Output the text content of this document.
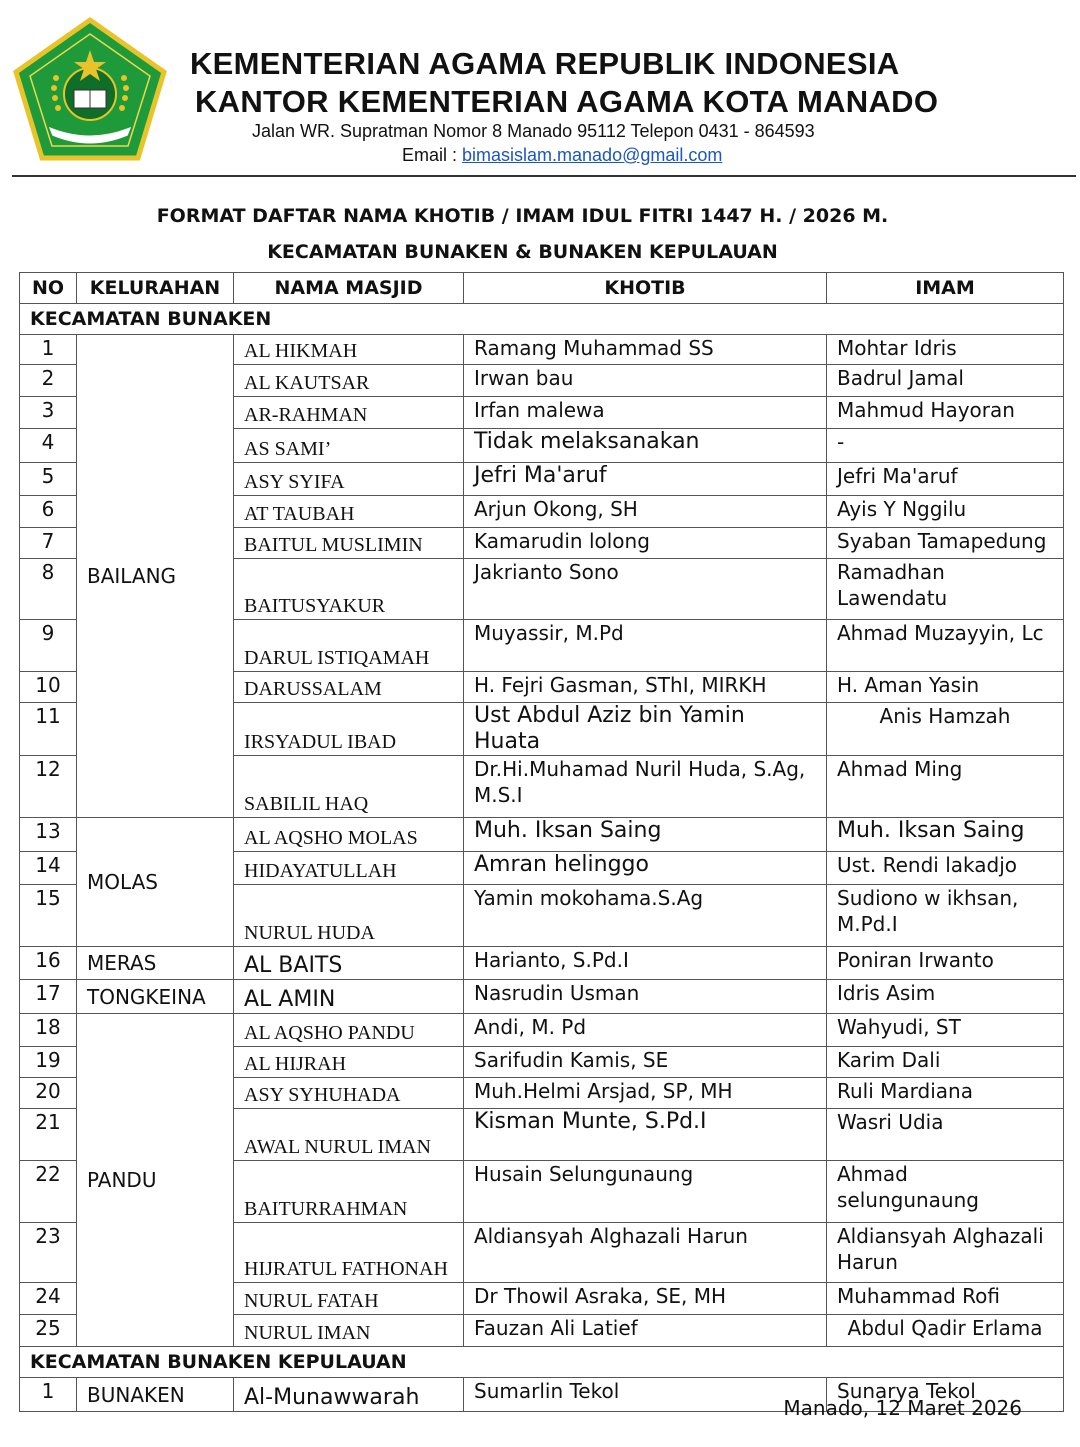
KEMENTERIAN AGAMA REPUBLIK INDONESIA
KANTOR KEMENTERIAN AGAMA KOTA MANADO
Jalan WR. Supratman Nomor 8 Manado 95112 Telepon 0431 - 864593
Email : bimasislam.manado@gmail.com
FORMAT DAFTAR NAMA KHOTIB / IMAM IDUL FITRI 1447 H. / 2026 M.
KECAMATAN BUNAKEN & BUNAKEN KEPULAUAN
NO	KELURAHAN	NAMA MASJID	KHOTIB	IMAM
KECAMATAN BUNAKEN				
1	BAILANG	AL HIKMAH	Ramang Muhammad SS	Mohtar Idris
2		AL KAUTSAR	Irwan bau	Badrul Jamal
3		AR-RAHMAN	Irfan malewa	Mahmud Hayoran
4		AS SAMI’	Tidak melaksanakan	-
5		ASY SYIFA	Jefri Ma'aruf	Jefri Ma'aruf
6		AT TAUBAH	Arjun Okong, SH	Ayis Y Nggilu
7		BAITUL MUSLIMIN	Kamarudin lolong	Syaban Tamapedung
8		BAITUSYAKUR	Jakrianto Sono	Ramadhan Lawendatu
9		DARUL ISTIQAMAH	Muyassir, M.Pd	Ahmad Muzayyin, Lc
10		DARUSSALAM	H. Fejri Gasman, SThI, MIRKH	H. Aman Yasin
11		IRSYADUL IBAD	Ust Abdul Aziz bin Yamin Huata	Anis Hamzah
12		SABILIL HAQ	Dr.Hi.Muhamad Nuril Huda, S.Ag, M.S.I	Ahmad Ming
13	MOLAS	AL AQSHO MOLAS	Muh. Iksan Saing	Muh. Iksan Saing
14		HIDAYATULLAH	Amran helinggo	Ust. Rendi lakadjo
15		NURUL HUDA	Yamin mokohama.S.Ag	Sudiono w ikhsan, M.Pd.I
16	MERAS	AL BAITS	Harianto, S.Pd.I	Poniran Irwanto
17	TONGKEINA	AL AMIN	Nasrudin Usman	Idris Asim
18	PANDU	AL AQSHO PANDU	Andi, M. Pd	Wahyudi, ST
19		AL HIJRAH	Sarifudin Kamis, SE	Karim Dali
20		ASY SYHUHADA	Muh.Helmi Arsjad, SP, MH	Ruli Mardiana
21		AWAL NURUL IMAN	Kisman Munte, S.Pd.I	Wasri Udia
22		BAITURRAHMAN	Husain Selungunaung	Ahmad selungunaung
23		HIJRATUL FATHONAH	Aldiansyah Alghazali Harun	Aldiansyah Alghazali Harun
24		NURUL FATAH	Dr Thowil Asraka, SE, MH	Muhammad Rofi
25		NURUL IMAN	Fauzan Ali Latief	Abdul Qadir Erlama
KECAMATAN BUNAKEN KEPULAUAN				
1	BUNAKEN	Al-Munawwarah	Sumarlin Tekol	Sunarya Tekol
Manado, 12 Maret 2026
